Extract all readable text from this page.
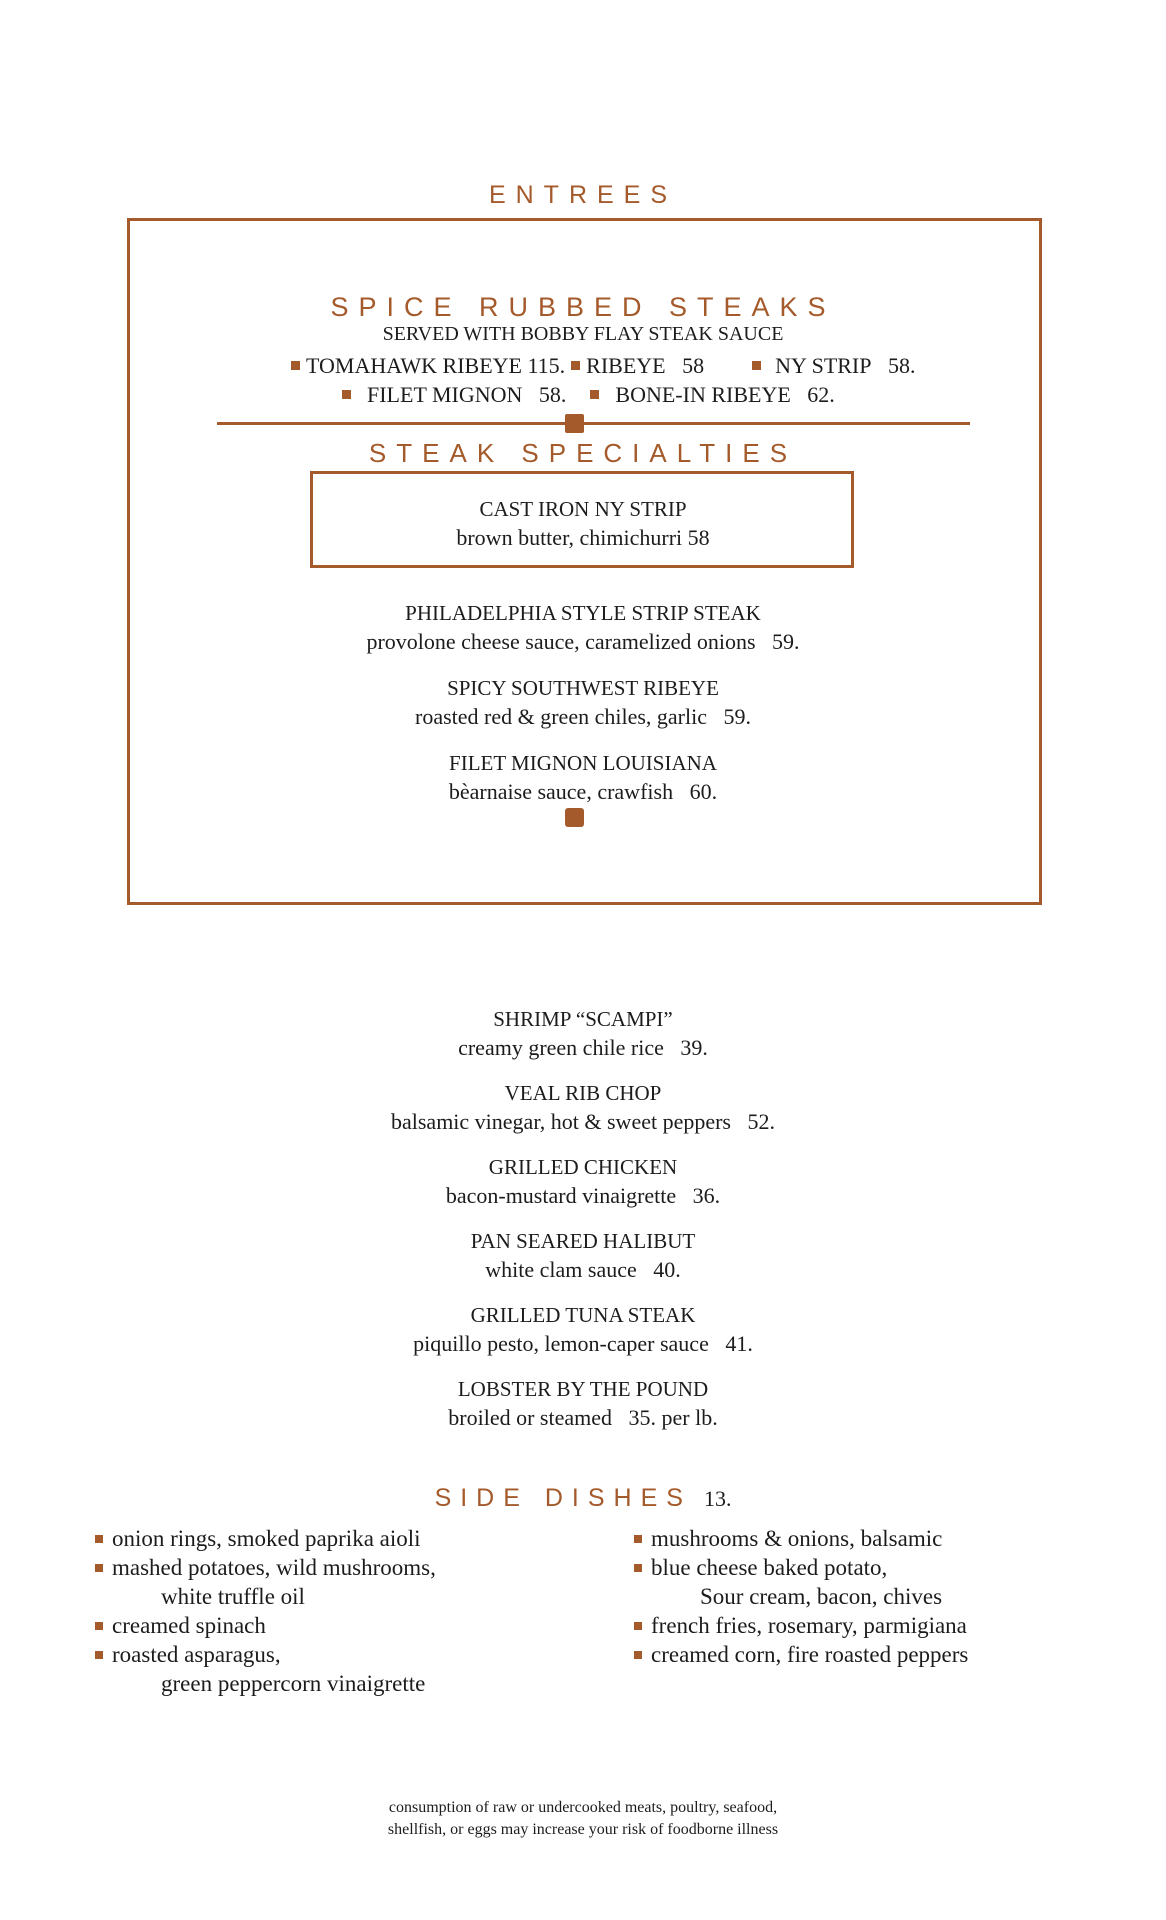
ENTREES
SPICE RUBBED STEAKS
SERVED WITH BOBBY FLAY STEAK SAUCE
TOMAHAWK RIBEYE 115. RIBEYE 58	NY STRIP 58.
FILET MIGNON 58. BONE-IN RIBEYE 62.
STEAK SPECIALTIES
CAST IRON NY STRIP
brown butter, chimichurri 58
PHILADELPHIA STYLE STRIP STEAK
provolone cheese sauce, caramelized onions 59.
SPICY SOUTHWEST RIBEYE
roasted red & green chiles, garlic 59.
FILET MIGNON LOUISIANA
bèarnaise sauce, crawfish 60.
SHRIMP “SCAMPI”
creamy green chile rice 39.
VEAL RIB CHOP
balsamic vinegar, hot & sweet peppers 52.
GRILLED CHICKEN
bacon-mustard vinaigrette 36.
PAN SEARED HALIBUT
white clam sauce 40.
GRILLED TUNA STEAK
piquillo pesto, lemon-caper sauce 41.
LOBSTER BY THE POUND
broiled or steamed 35. per lb.
SIDE DISHES 13.
onion rings, smoked paprika aioli
mashed potatoes, wild mushrooms,
white truffle oil
creamed spinach
roasted asparagus,
green peppercorn vinaigrette
mushrooms & onions, balsamic
blue cheese baked potato,
Sour cream, bacon, chives
french fries, rosemary, parmigiana
creamed corn, fire roasted peppers
consumption of raw or undercooked meats, poultry, seafood,
shellfish, or eggs may increase your risk of foodborne illness
